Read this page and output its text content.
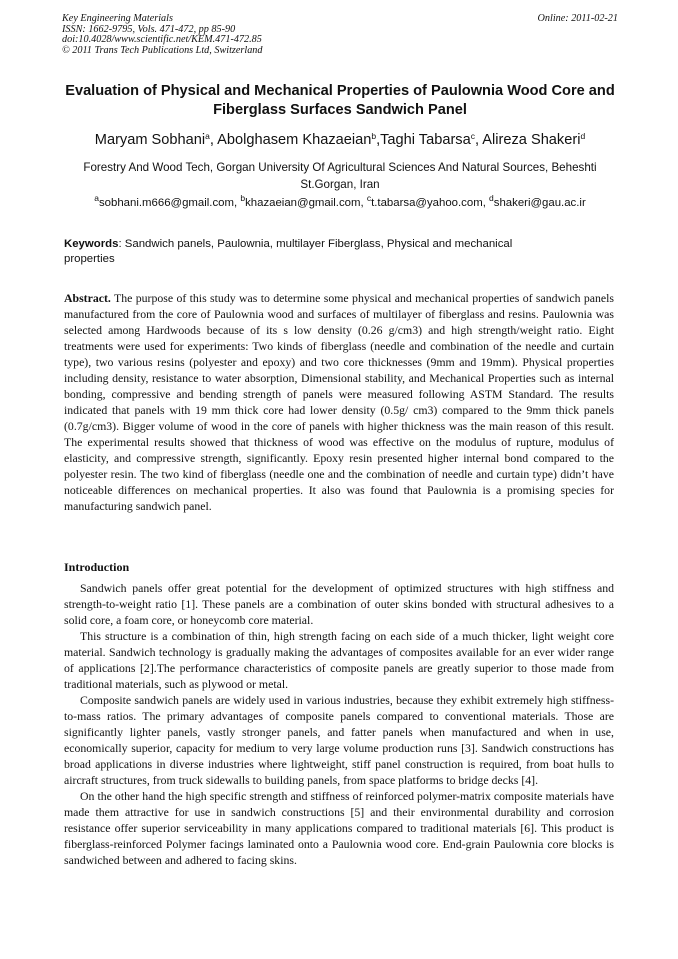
Key Engineering Materials
ISSN: 1662-9795, Vols. 471-472, pp 85-90
doi:10.4028/www.scientific.net/KEM.471-472.85
© 2011 Trans Tech Publications Ltd, Switzerland
Online: 2011-02-21
Evaluation of Physical and Mechanical Properties of Paulownia Wood Core and Fiberglass Surfaces Sandwich Panel
Maryam Sobhani$^a$, Abolghasem Khazaeian$^b$,Taghi Tabarsa$^c$, Alireza Shakeri$^d$
Forestry And Wood Tech, Gorgan University Of Agricultural Sciences And Natural Sources, Beheshti St.Gorgan, Iran
$^a$sobhani.m666@gmail.com, $^b$khazaeian@gmail.com, $^c$t.tabarsa@yahoo.com, $^d$shakeri@gau.ac.ir
Keywords: Sandwich panels, Paulownia, multilayer Fiberglass, Physical and mechanical properties
Abstract. The purpose of this study was to determine some physical and mechanical properties of sandwich panels manufactured from the core of Paulownia wood and surfaces of multilayer of fiberglass and resins. Paulownia was selected among Hardwoods because of its s low density (0.26 g/cm3) and high strength/weight ratio. Eight treatments were used for experiments: Two kinds of fiberglass (needle and combination of the needle and curtain type), two various resins (polyester and epoxy) and two core thicknesses (9mm and 19mm). Physical properties including density, resistance to water absorption, Dimensional stability, and Mechanical Properties such as internal bonding, compressive and bending strength of panels were measured following ASTM Standard. The results indicated that panels with 19 mm thick core had lower density (0.5g/ cm3) compared to the 9mm thick panels (0.7g/cm3). Bigger volume of wood in the core of panels with higher thickness was the main reason of this result. The experimental results showed that thickness of wood was effective on the modulus of rupture, modulus of elasticity, and compressive strength, significantly. Epoxy resin presented higher internal bond compared to the polyester resin. The two kind of fiberglass (needle one and the combination of needle and curtain type) didn’t have noticeable differences on mechanical properties. It also was found that Paulownia is a promising species for manufacturing sandwich panel.
Introduction

Sandwich panels offer great potential for the development of optimized structures with high stiffness and strength-to-weight ratio [1]. These panels are a combination of outer skins bonded with structural adhesives to a solid core, a foam core, or honeycomb core material.

This structure is a combination of thin, high strength facing on each side of a much thicker, light weight core material. Sandwich technology is gradually making the advantages of composites available for an ever wider range of applications [2].The performance characteristics of composite panels are greatly superior to those made from traditional materials, such as plywood or metal.

Composite sandwich panels are widely used in various industries, because they exhibit extremely high stiffness-to-mass ratios. The primary advantages of composite panels compared to conventional materials. Those are significantly lighter panels, vastly stronger panels, and fatter panels when manufactured and when in use, economically superior, capacity for medium to very large volume production runs [3]. Sandwich constructions has broad applications in diverse industries where lightweight, stiff panel construction is required, from boat hulls to aircraft structures, from truck sidewalls to building panels, from space platforms to bridge decks [4].

On the other hand the high specific strength and stiffness of reinforced polymer-matrix composite materials have made them attractive for use in sandwich constructions [5] and their environmental durability and corrosion resistance offer superior serviceability in many applications compared to traditional materials [6]. This product is fiberglass-reinforced Polymer facings laminated onto a Paulownia wood core. End-grain Paulownia core blocks is sandwiched between and adhered to facing skins.
